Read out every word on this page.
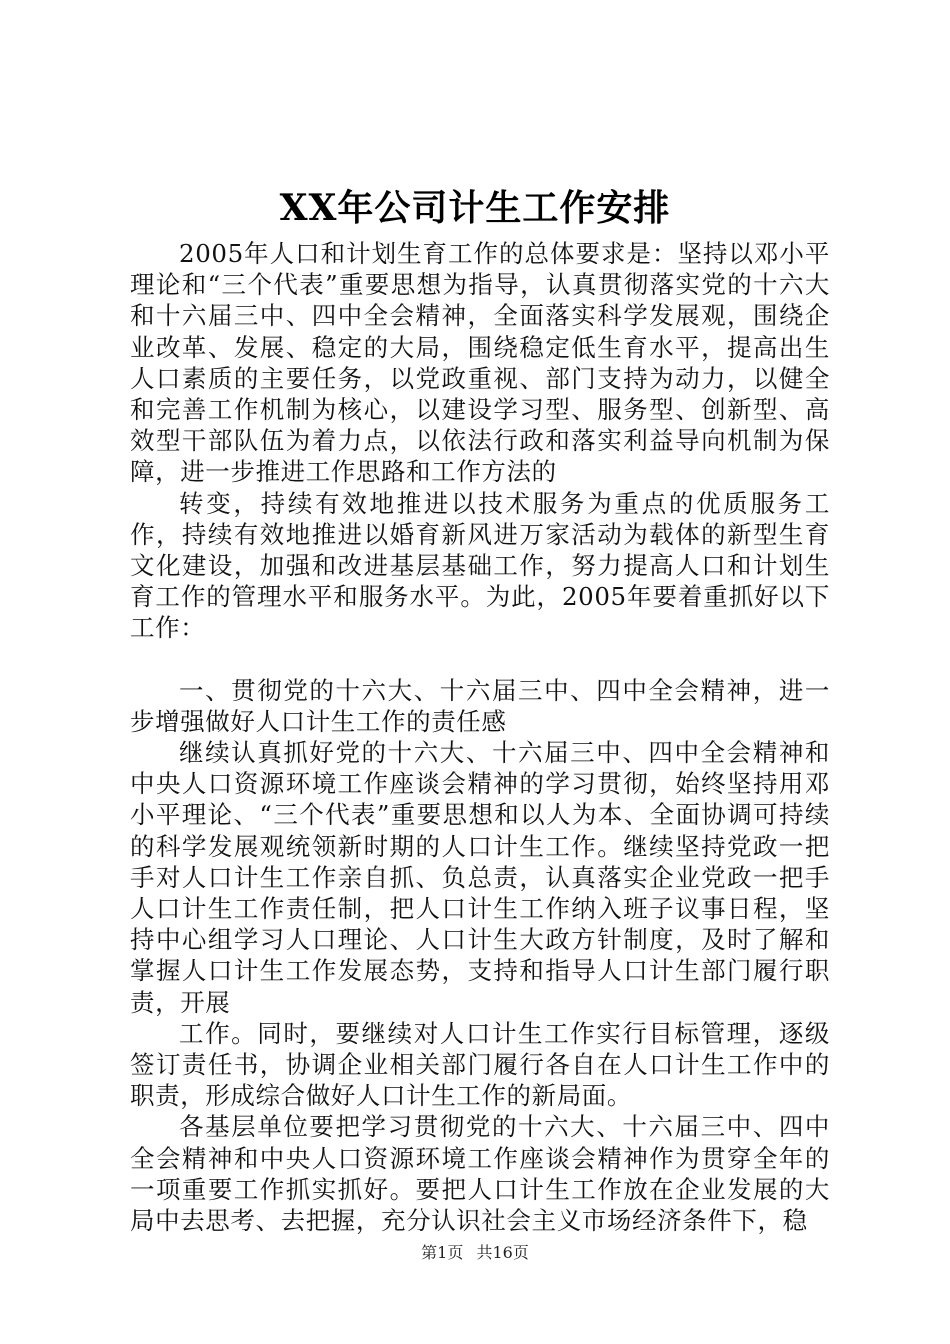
XX年公司计生工作安排

2005年人口和计划生育工作的总体要求是：坚持以邓小平理论和“三个代表”重要思想为指导，认真贯彻落实党的十六大和十六届三中、四中全会精神，全面落实科学发展观，围绕企业改革、发展、稳定的大局，围绕稳定低生育水平，提高出生人口素质的主要任务，以党政重视、部门支持为动力，以健全和完善工作机制为核心，以建设学习型、服务型、创新型、高效型干部队伍为着力点，以依法行政和落实利益导向机制为保障，进一步推进工作思路和工作方法的

转变，持续有效地推进以技术服务为重点的优质服务工作，持续有效地推进以婚育新风进万家活动为载体的新型生育文化建设，加强和改进基层基础工作，努力提高人口和计划生育工作的管理水平和服务水平。为此，2005年要着重抓好以下工作：

一、贯彻党的十六大、十六届三中、四中全会精神，进一步增强做好人口计生工作的责任感

继续认真抓好党的十六大、十六届三中、四中全会精神和中央人口资源环境工作座谈会精神的学习贯彻，始终坚持用邓小平理论、“三个代表”重要思想和以人为本、全面协调可持续的科学发展观统领新时期的人口计生工作。继续坚持党政一把手对人口计生工作亲自抓、负总责，认真落实企业党政一把手人口计生工作责任制，把人口计生工作纳入班子议事日程，坚持中心组学习人口理论、人口计生大政方针制度，及时了解和掌握人口计生工作发展态势，支持和指导人口计生部门履行职责，开展

工作。同时，要继续对人口计生工作实行目标管理，逐级签订责任书，协调企业相关部门履行各自在人口计生工作中的职责，形成综合做好人口计生工作的新局面。

各基层单位要把学习贯彻党的十六大、十六届三中、四中全会精神和中央人口资源环境工作座谈会精神作为贯穿全年的一项重要工作抓实抓好。要把人口计生工作放在企业发展的大局中去思考、去把握，充分认识社会主义市场经济条件下，稳

第1页 共16页
